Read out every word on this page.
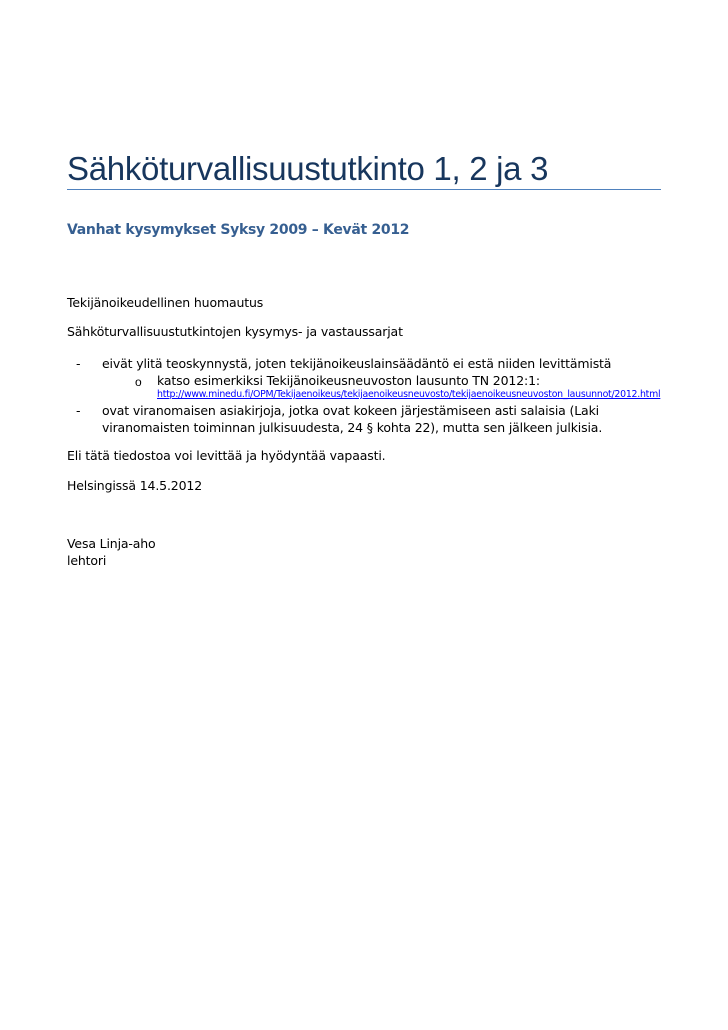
Sähköturvallisuustutkinto 1, 2 ja 3
Vanhat kysymykset Syksy 2009 – Kevät 2012
Tekijänoikeudellinen huomautus
Sähköturvallisuustutkintojen kysymys- ja vastaussarjat
- eivät ylitä teoskynnystä, joten tekijänoikeuslainsäädäntö ei estä niiden levittämistä
o katso esimerkiksi Tekijänoikeusneuvoston lausunto TN 2012:1:
http://www.minedu.fi/OPM/Tekijaenoikeus/tekijaenoikeusneuvosto/tekijaenoikeusneuvoston_lausunnot/2012.html
- ovat viranomaisen asiakirjoja, jotka ovat kokeen järjestämiseen asti salaisia (Laki
viranomaisten toiminnan julkisuudesta, 24 § kohta 22), mutta sen jälkeen julkisia.
Eli tätä tiedostoa voi levittää ja hyödyntää vapaasti.
Helsingissä 14.5.2012
Vesa Linja-aho
lehtori
